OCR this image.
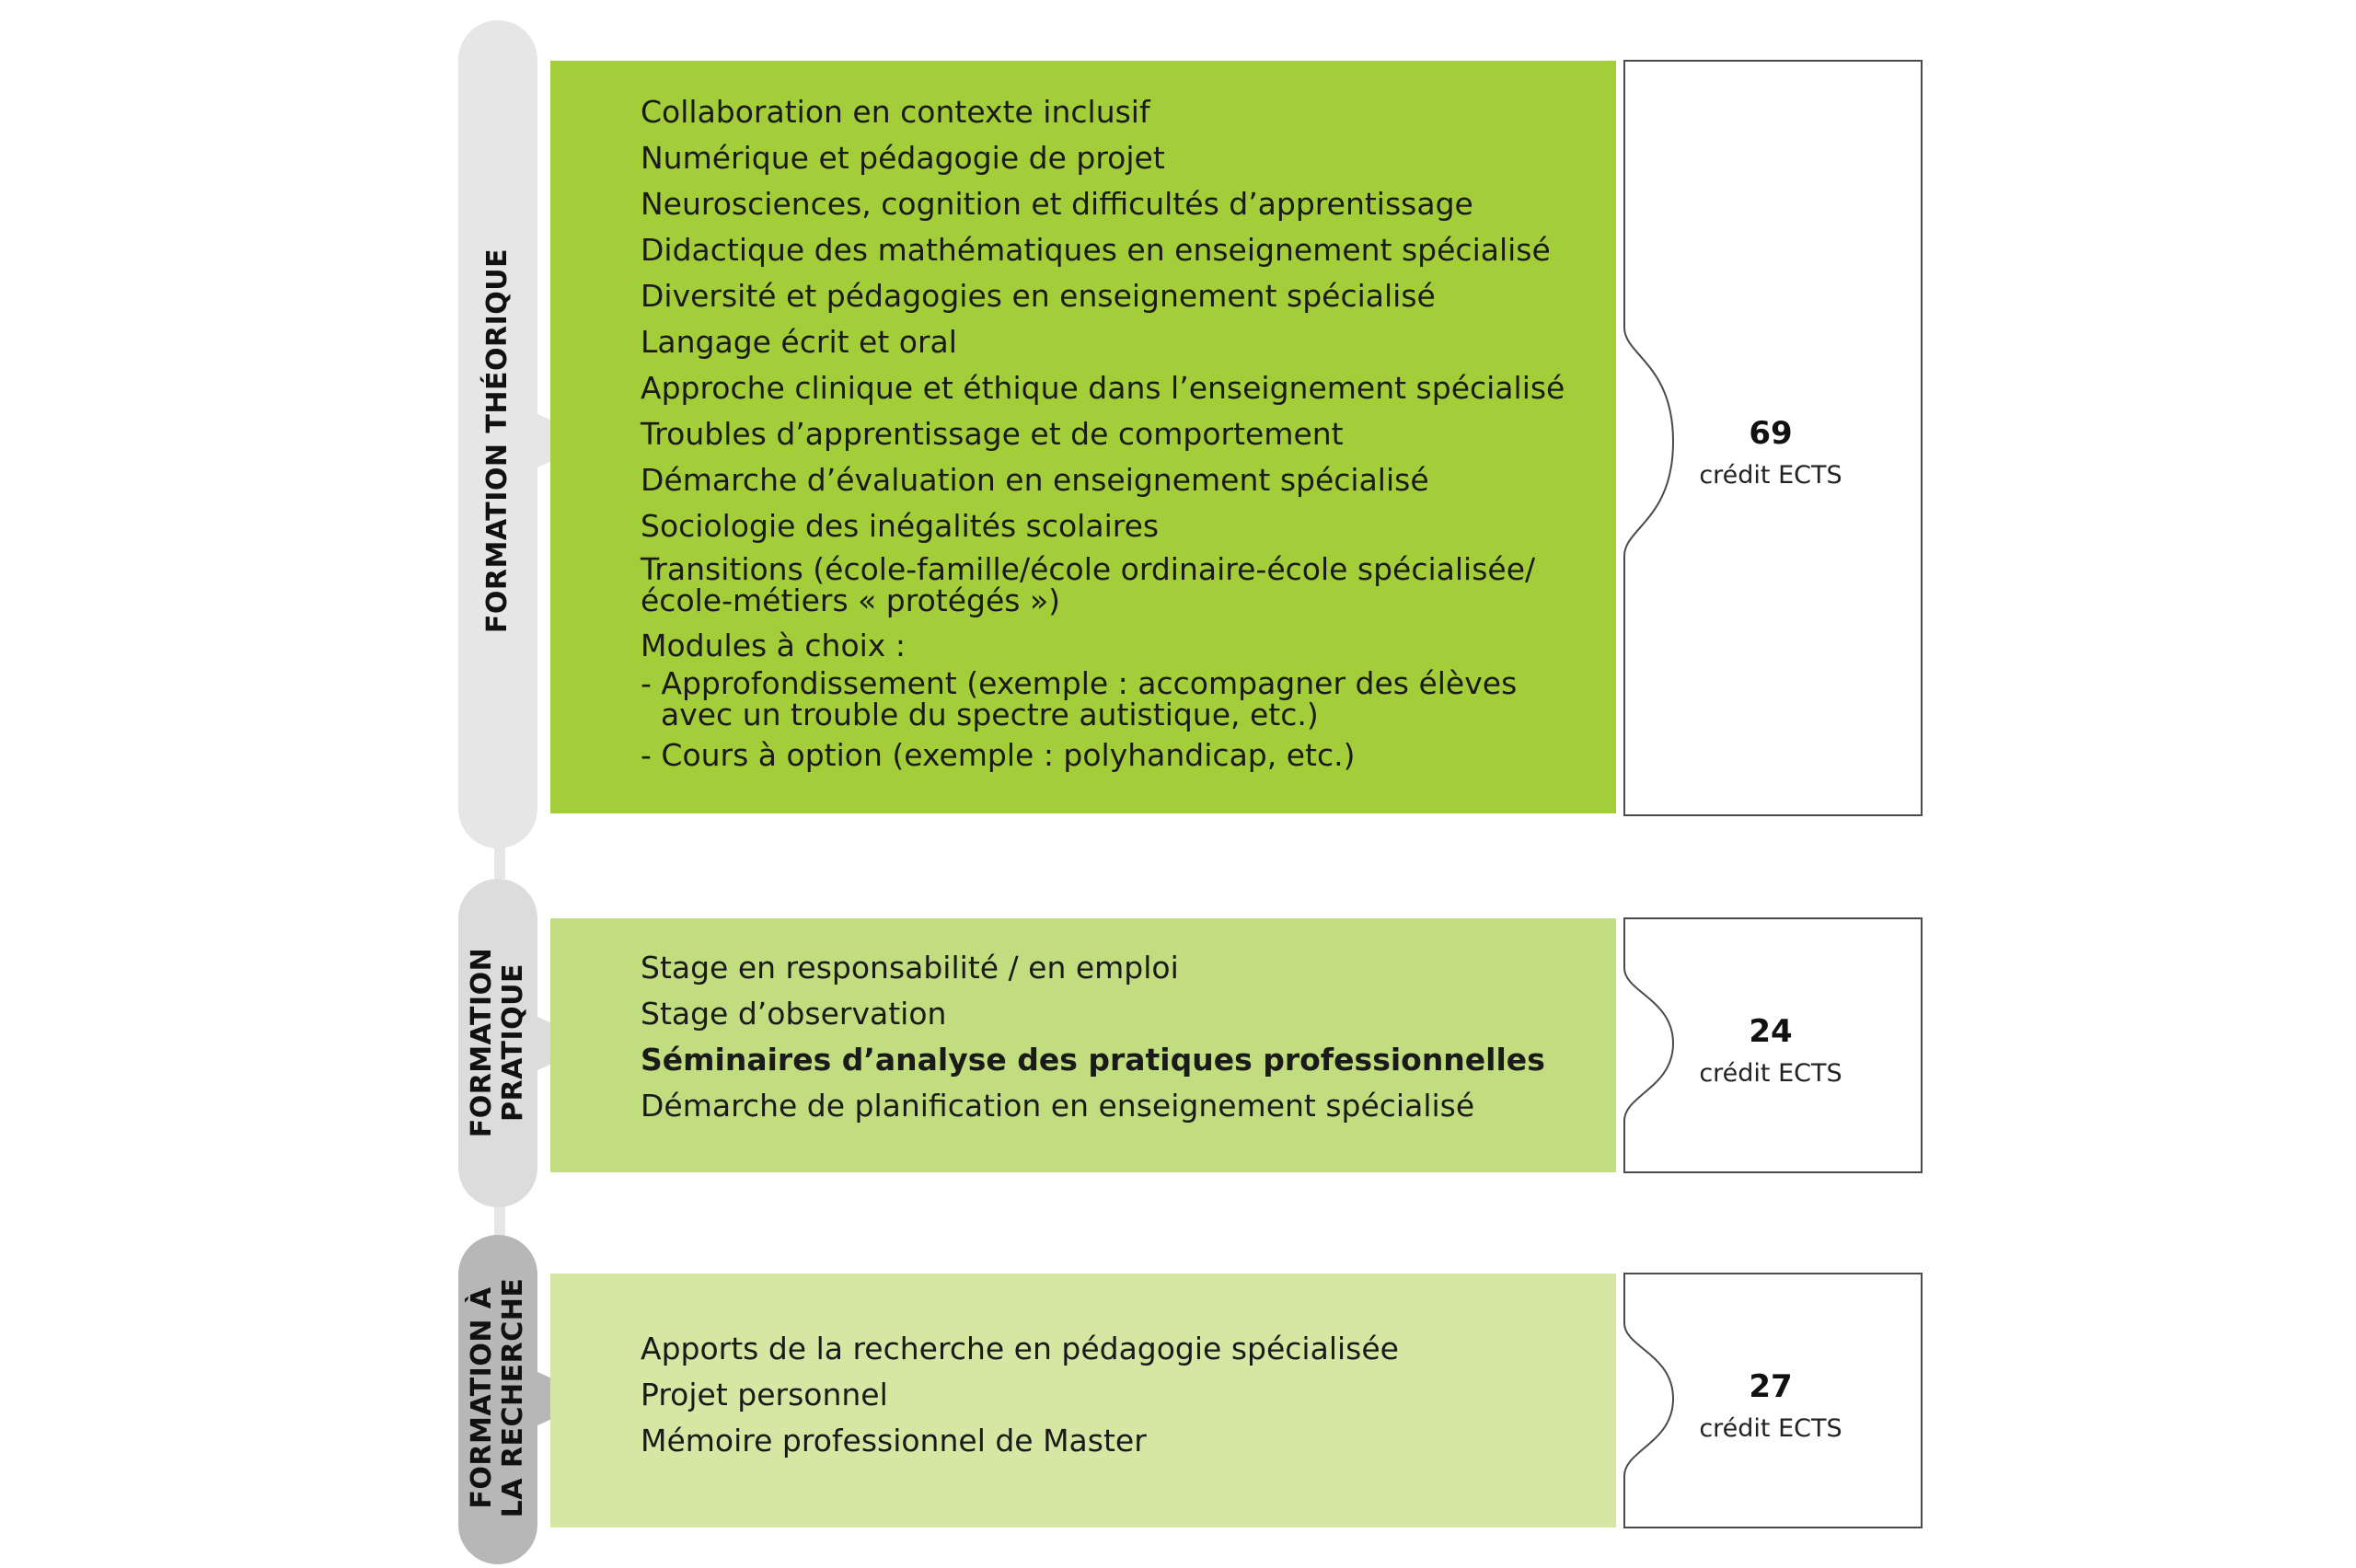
FORMATION THÉORIQUE
Collaboration en contexte inclusif
Numérique et pédagogie de projet
Neurosciences, cognition et difficultés d’apprentissage
Didactique des mathématiques en enseignement spécialisé
Diversité et pédagogies en enseignement spécialisé
Langage écrit et oral
Approche clinique et éthique dans l’enseignement spécialisé
Troubles d’apprentissage et de comportement
Démarche d’évaluation en enseignement spécialisé
Sociologie des inégalités scolaires
Transitions (école-famille/école ordinaire-école spécialisée/ école-métiers « protégés »)
Modules à choix :
- Approfondissement (exemple : accompagner des élèves avec un trouble du spectre autistique, etc.)
- Cours à option (exemple : polyhandicap, etc.)
69
crédit ECTS
FORMATION PRATIQUE	Stage en responsabilité / en emploi
Stage d’observation
Séminaires d’analyse des pratiques professionnelles
Démarche de planification en enseignement spécialisé
24
crédit ECTS
FORMATION À LA RECHERCHE	Apports de la recherche en pédagogie spécialisée
Projet personnel
Mémoire professionnel de Master
27
crédit ECTS
